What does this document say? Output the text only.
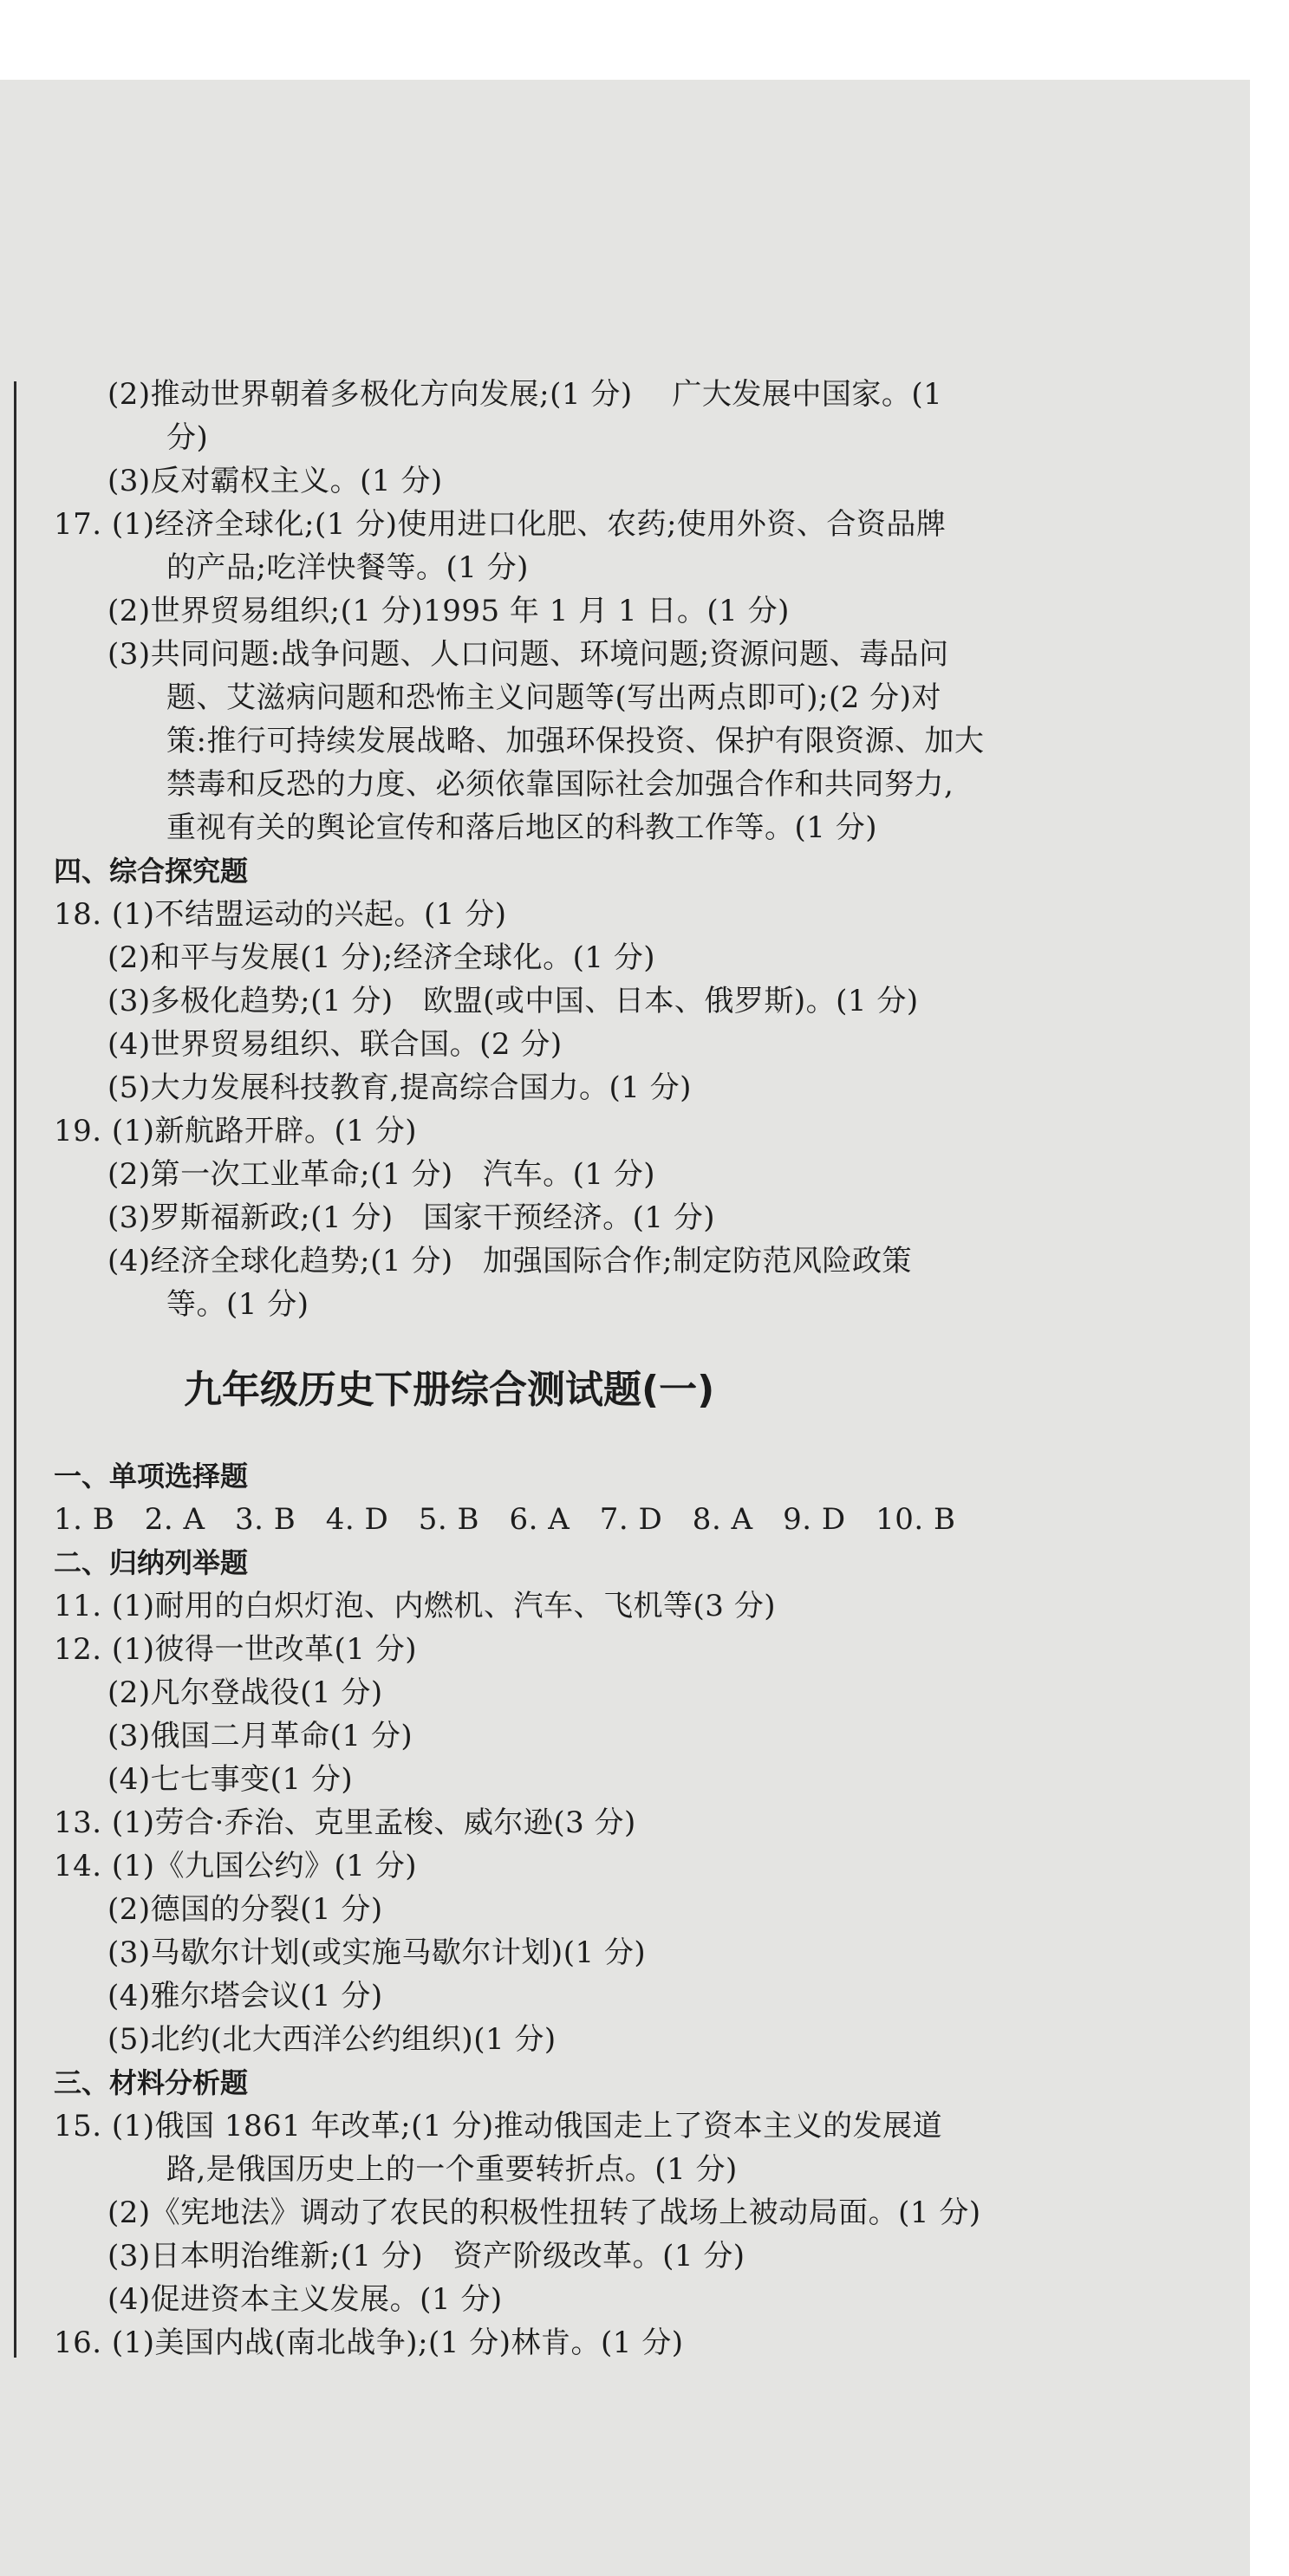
(2)推动世界朝着多极化方向发展;(1 分)　 广大发展中国家。(1
分)
(3)反对霸权主义。(1 分)
17. (1)经济全球化;(1 分)使用进口化肥、农药;使用外资、合资品牌
的产品;吃洋快餐等。(1 分)
(2)世界贸易组织;(1 分)1995 年 1 月 1 日。(1 分)
(3)共同问题:战争问题、人口问题、环境问题;资源问题、毒品问
题、艾滋病问题和恐怖主义问题等(写出两点即可);(2 分)对
策:推行可持续发展战略、加强环保投资、保护有限资源、加大
禁毒和反恐的力度、必须依靠国际社会加强合作和共同努力,
重视有关的舆论宣传和落后地区的科教工作等。(1 分)
四、综合探究题
18. (1)不结盟运动的兴起。(1 分)
(2)和平与发展(1 分);经济全球化。(1 分)
(3)多极化趋势;(1 分)　欧盟(或中国、日本、俄罗斯)。(1 分)
(4)世界贸易组织、联合国。(2 分)
(5)大力发展科技教育,提高综合国力。(1 分)
19. (1)新航路开辟。(1 分)
(2)第一次工业革命;(1 分)　汽车。(1 分)
(3)罗斯福新政;(1 分)　国家干预经济。(1 分)
(4)经济全球化趋势;(1 分)　加强国际合作;制定防范风险政策
等。(1 分)
九年级历史下册综合测试题(一)
一、单项选择题
1. B　2. A　3. B　4. D　5. B　6. A　7. D　8. A　9. D　10. B
二、归纳列举题
11. (1)耐用的白炽灯泡、内燃机、汽车、飞机等(3 分)
12. (1)彼得一世改革(1 分)
(2)凡尔登战役(1 分)
(3)俄国二月革命(1 分)
(4)七七事变(1 分)
13. (1)劳合·乔治、克里孟梭、威尔逊(3 分)
14. (1)《九国公约》(1 分)
(2)德国的分裂(1 分)
(3)马歇尔计划(或实施马歇尔计划)(1 分)
(4)雅尔塔会议(1 分)
(5)北约(北大西洋公约组织)(1 分)
三、材料分析题
15. (1)俄国 1861 年改革;(1 分)推动俄国走上了资本主义的发展道
路,是俄国历史上的一个重要转折点。(1 分)
(2)《宪地法》调动了农民的积极性扭转了战场上被动局面。(1 分)
(3)日本明治维新;(1 分)　资产阶级改革。(1 分)
(4)促进资本主义发展。(1 分)
16. (1)美国内战(南北战争);(1 分)林肯。(1 分)
